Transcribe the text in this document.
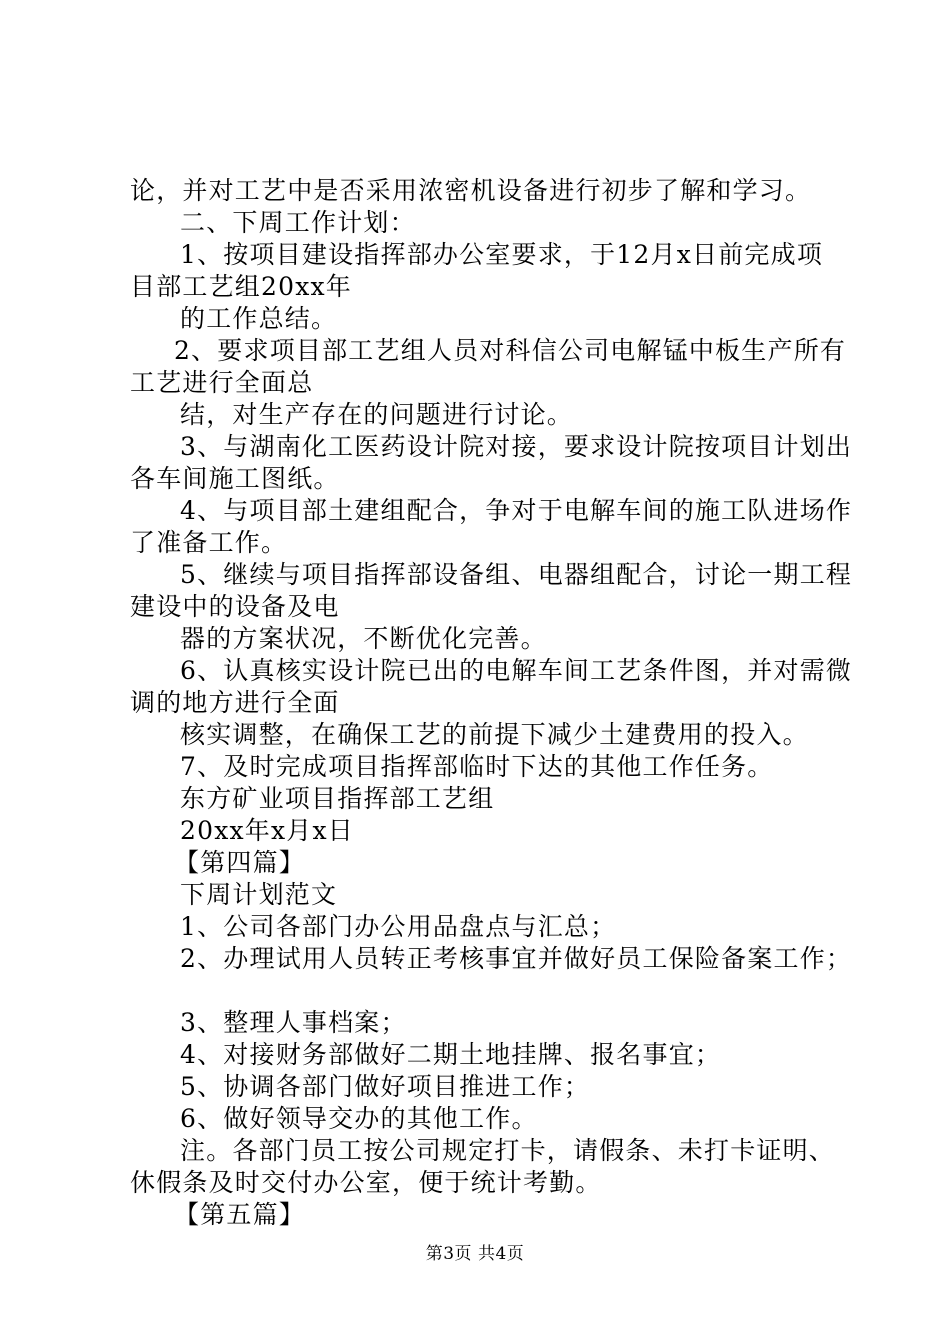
论，并对工艺中是否采用浓密机设备进行初步了解和学习。
二、下周工作计划：
1、按项目建设指挥部办公室要求，于12月x日前完成项
目部工艺组20xx年
的工作总结。
2、要求项目部工艺组人员对科信公司电解锰中板生产所有
工艺进行全面总
结，对生产存在的问题进行讨论。
3、与湖南化工医药设计院对接，要求设计院按项目计划出
各车间施工图纸。
4、与项目部土建组配合，争对于电解车间的施工队进场作
了准备工作。
5、继续与项目指挥部设备组、电器组配合，讨论一期工程
建设中的设备及电
器的方案状况，不断优化完善。
6、认真核实设计院已出的电解车间工艺条件图，并对需微
调的地方进行全面
核实调整，在确保工艺的前提下减少土建费用的投入。
7、及时完成项目指挥部临时下达的其他工作任务。
东方矿业项目指挥部工艺组
20xx年x月x日
【第四篇】
下周计划范文
1、公司各部门办公用品盘点与汇总；
2、办理试用人员转正考核事宜并做好员工保险备案工作；
3、整理人事档案；
4、对接财务部做好二期土地挂牌、报名事宜；
5、协调各部门做好项目推进工作；
6、做好领导交办的其他工作。
注。各部门员工按公司规定打卡，请假条、未打卡证明、
休假条及时交付办公室，便于统计考勤。
【第五篇】
第3页 共4页
